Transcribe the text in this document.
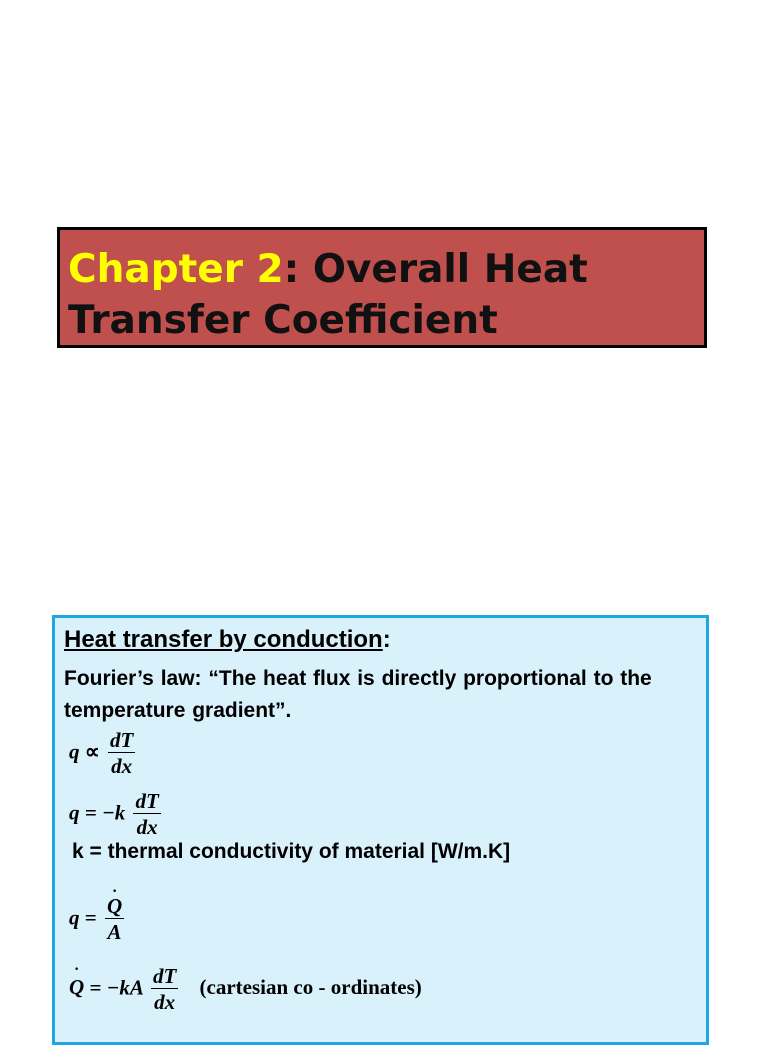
Chapter 2: Overall Heat Transfer Coefficient

Heat transfer by conduction:

Fourier’s law: “The heat flux is directly proportional to the temperature gradient”.

$q \propto \frac{dT}{dx}$
$q = -k \frac{dT}{dx}$

k = thermal conductivity of material [W/m.K]

q =
· $\frac{Q}{A}$
· $Q = -kA \frac{dT}{dx}$ (cartesian co - ordinates)
